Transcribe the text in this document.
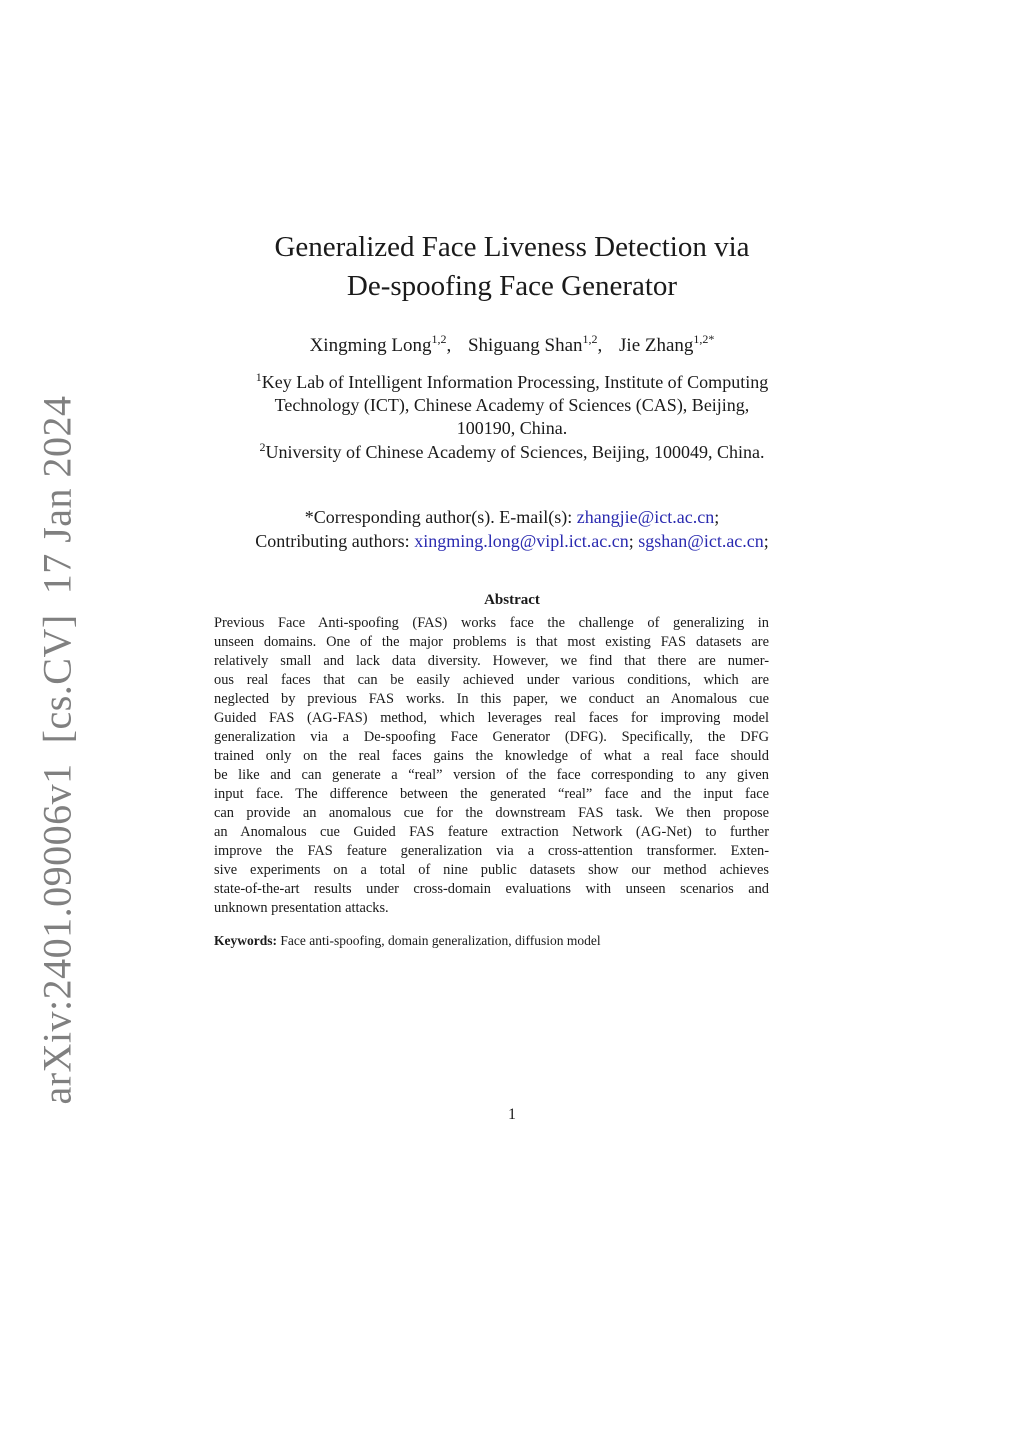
arXiv:2401.09006v1[cs.CV]17 Jan 2024
Generalized Face Liveness Detection via
De-spoofing Face Generator
Xingming Long$^{1,2}$, Shiguang Shan$^{1,2}$, Jie Zhang$^{1,2*}$
$^1$Key Lab of Intelligent Information Processing, Institute of Computing
Technology (ICT), Chinese Academy of Sciences (CAS), Beijing,
100190, China.
$^2$University of Chinese Academy of Sciences, Beijing, 100049, China.
*Corresponding author(s). E-mail(s): zhangjie@ict.ac.cn;
Contributing authors: xingming.long@vipl.ict.ac.cn; sgshan@ict.ac.cn;
Abstract
Previous Face Anti-spoofing (FAS) works face the challenge of generalizing in
unseen domains. One of the major problems is that most existing FAS datasets are
relatively small and lack data diversity. However, we find that there are numer-
ous real faces that can be easily achieved under various conditions, which are
neglected by previous FAS works. In this paper, we conduct an Anomalous cue
Guided FAS (AG-FAS) method, which leverages real faces for improving model
generalization via a De-spoofing Face Generator (DFG). Specifically, the DFG
trained only on the real faces gains the knowledge of what a real face should
be like and can generate a “real” version of the face corresponding to any given
input face. The difference between the generated “real” face and the input face
can provide an anomalous cue for the downstream FAS task. We then propose
an Anomalous cue Guided FAS feature extraction Network (AG-Net) to further
improve the FAS feature generalization via a cross-attention transformer. Exten-
sive experiments on a total of nine public datasets show our method achieves
state-of-the-art results under cross-domain evaluations with unseen scenarios and
unknown presentation attacks.
Keywords: Face anti-spoofing, domain generalization, diffusion model
1
